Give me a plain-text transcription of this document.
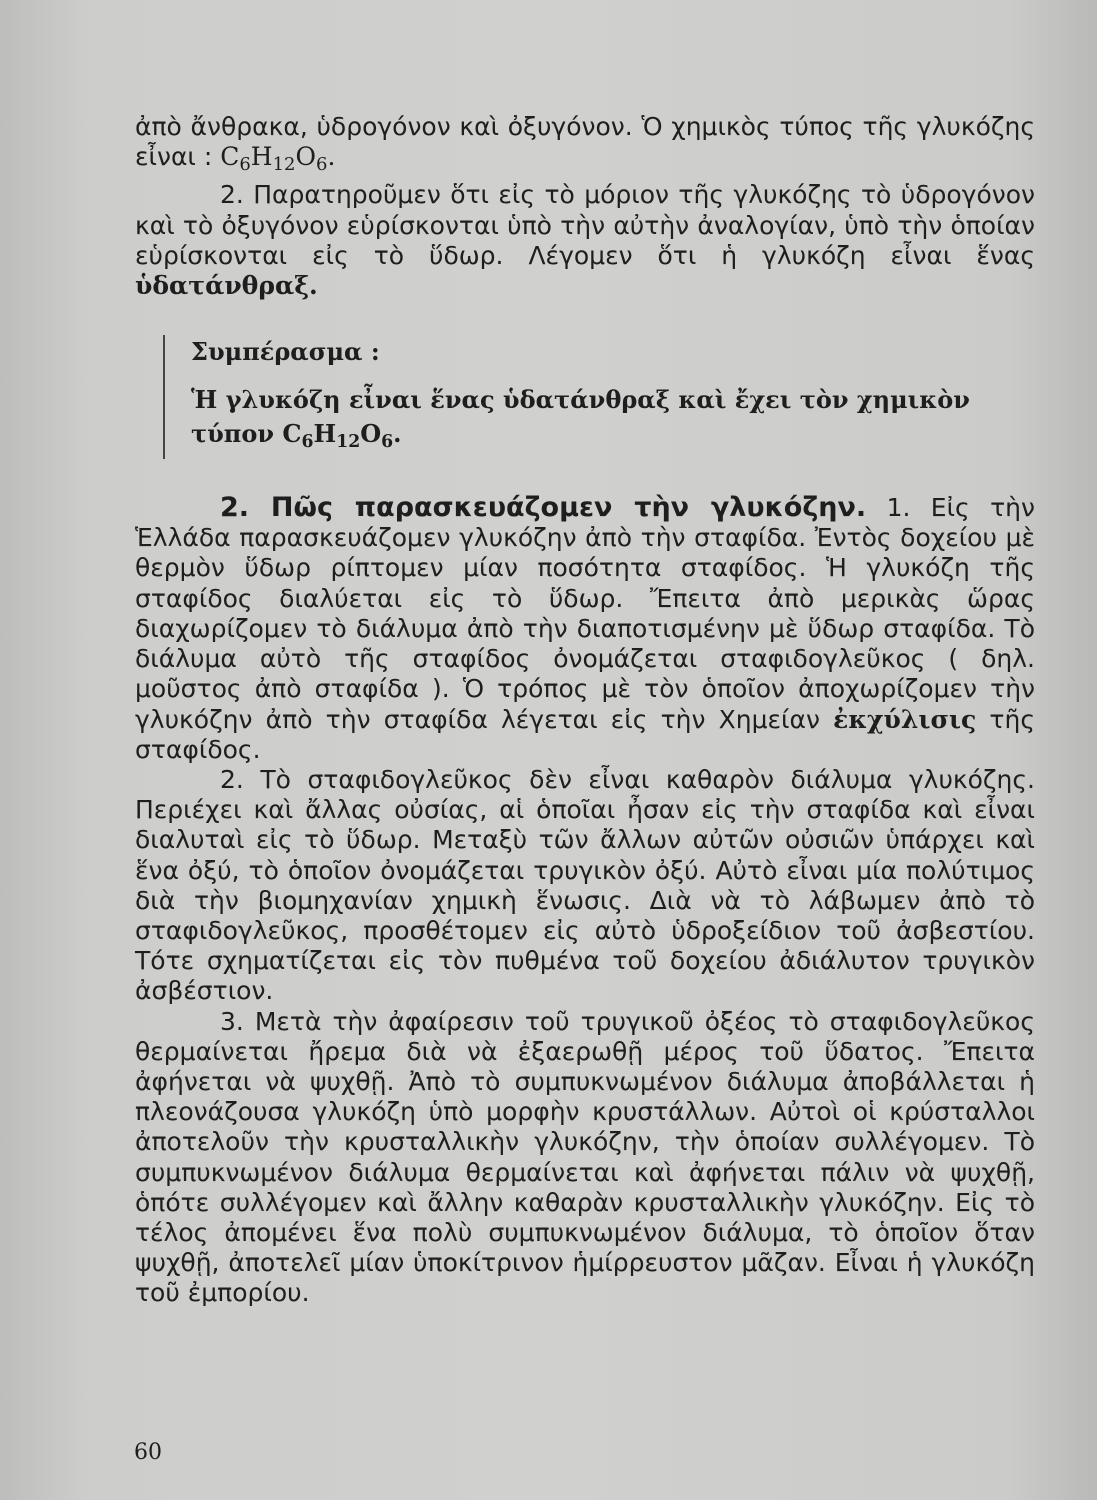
ἀπὸ ἄνθρακα, ὑδρογόνον καὶ ὀξυγόνον. Ὁ χημικὸς τύπος τῆς γλυκόζης εἶναι : $C_6H_{12}O_6$.

2. Παρατηροῦμεν ὅτι εἰς τὸ μόριον τῆς γλυκόζης τὸ ὑδρογόνον καὶ τὸ ὀξυγόνον εὑρίσκονται ὑπὸ τὴν αὐτὴν ἀναλογίαν, ὑπὸ τὴν ὁποίαν εὑρίσκονται εἰς τὸ ὕδωρ. Λέγομεν ὅτι ἡ γλυκόζη εἶναι ἕνας ὑδατάνθραξ.

Συμπέρασμα :
Ἡ γλυκόζη εἶναι ἕνας ὑδατάνθραξ καὶ ἔχει τὸν χημικὸν τύπον $C_6H_{12}O_6$.

2. Πῶς παρασκευάζομεν τὴν γλυκόζην. 1. Εἰς τὴν Ἑλλάδα παρασκευάζομεν γλυκόζην ἀπὸ τὴν σταφίδα. Ἐντὸς δοχείου μὲ θερμὸν ὕδωρ ρίπτομεν μίαν ποσότητα σταφίδος. Ἡ γλυκόζη τῆς σταφίδος διαλύεται εἰς τὸ ὕδωρ. Ἔπειτα ἀπὸ μερικὰς ὥρας διαχωρίζομεν τὸ διάλυμα ἀπὸ τὴν διαποτισμένην μὲ ὕδωρ σταφίδα. Τὸ διάλυμα αὐτὸ τῆς σταφίδος ὀνομάζεται σταφιδογλεῦκος ( δηλ. μοῦστος ἀπὸ σταφίδα ). Ὁ τρόπος μὲ τὸν ὁποῖον ἀποχωρίζομεν τὴν γλυκόζην ἀπὸ τὴν σταφίδα λέγεται εἰς τὴν Χημείαν ἐκχύλισις τῆς σταφίδος.

2. Τὸ σταφιδογλεῦκος δὲν εἶναι καθαρὸν διάλυμα γλυκόζης. Περιέχει καὶ ἄλλας οὐσίας, αἱ ὁποῖαι ἦσαν εἰς τὴν σταφίδα καὶ εἶναι διαλυταὶ εἰς τὸ ὕδωρ. Μεταξὺ τῶν ἄλλων αὐτῶν οὐσιῶν ὑπάρχει καὶ ἕνα ὀξύ, τὸ ὁποῖον ὀνομάζεται τρυγικὸν ὀξύ. Αὐτὸ εἶναι μία πολύτιμος διὰ τὴν βιομηχανίαν χημικὴ ἕνωσις. Διὰ νὰ τὸ λάβωμεν ἀπὸ τὸ σταφιδογλεῦκος, προσθέτομεν εἰς αὐτὸ ὑδροξείδιον τοῦ ἀσβεστίου. Τότε σχηματίζεται εἰς τὸν πυθμένα τοῦ δοχείου ἀδιάλυτον τρυγικὸν ἀσβέστιον.

3. Μετὰ τὴν ἀφαίρεσιν τοῦ τρυγικοῦ ὀξέος τὸ σταφιδογλεῦκος θερμαίνεται ἤρεμα διὰ νὰ ἐξαερωθῇ μέρος τοῦ ὕδατος. Ἔπειτα ἀφήνεται νὰ ψυχθῇ. Ἀπὸ τὸ συμπυκνωμένον διάλυμα ἀποβάλλεται ἡ πλεονάζουσα γλυκόζη ὑπὸ μορφὴν κρυστάλλων. Αὐτοὶ οἱ κρύσταλλοι ἀποτελοῦν τὴν κρυσταλλικὴν γλυκόζην, τὴν ὁποίαν συλλέγομεν. Τὸ συμπυκνωμένον διάλυμα θερμαίνεται καὶ ἀφήνεται πάλιν νὰ ψυχθῇ, ὁπότε συλλέγομεν καὶ ἄλλην καθαρὰν κρυσταλλικὴν γλυκόζην. Εἰς τὸ τέλος ἀπομένει ἕνα πολὺ συμπυκνωμένον διάλυμα, τὸ ὁποῖον ὅταν ψυχθῇ, ἀποτελεῖ μίαν ὑποκίτρινον ἡμίρρευστον μᾶζαν. Εἶναι ἡ γλυκόζη τοῦ ἐμπορίου.

60
